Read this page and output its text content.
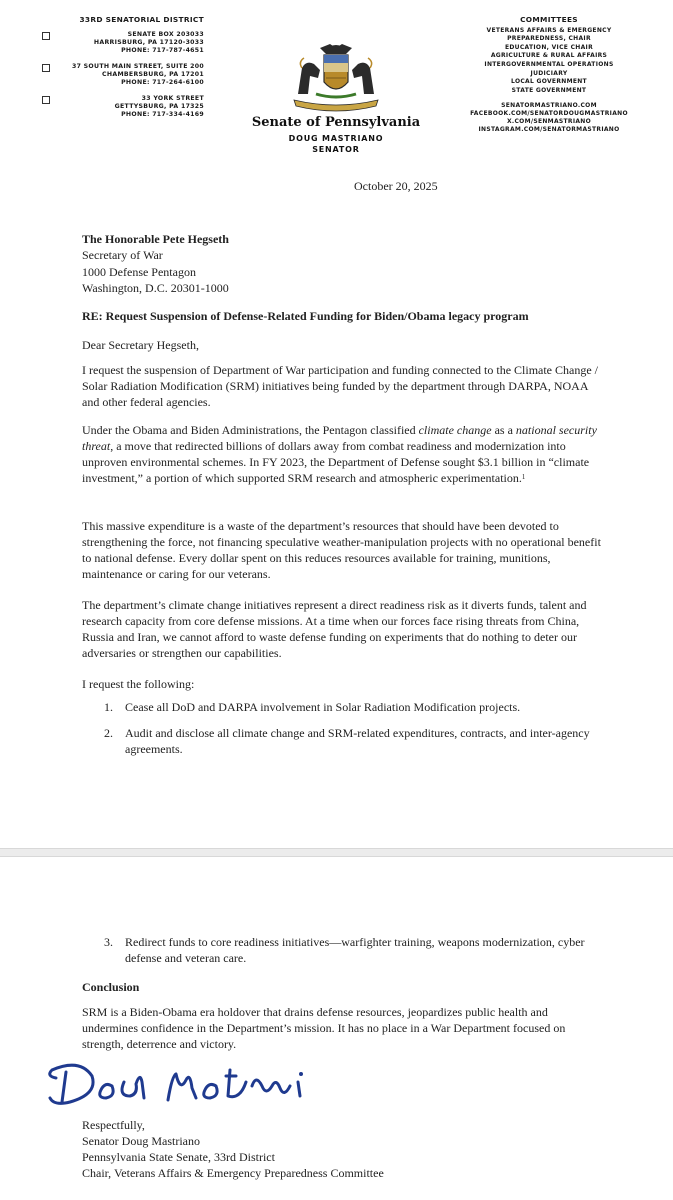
33RD SENATORIAL DISTRICT
SENATE BOX 203033
HARRISBURG, PA 17120-3033
PHONE: 717-787-4651
37 SOUTH MAIN STREET, SUITE 200
CHAMBERSBURG, PA 17201
PHONE: 717-264-6100
33 YORK STREET
GETTYSBURG, PA 17325
PHONE: 717-334-4169
Senate of Pennsylvania
DOUG MASTRIANO
SENATOR
COMMITTEES
VETERANS AFFAIRS & EMERGENCY
PREPAREDNESS, CHAIR
EDUCATION, VICE CHAIR
AGRICULTURE & RURAL AFFAIRS
INTERGOVERNMENTAL OPERATIONS
JUDICIARY
LOCAL GOVERNMENT
STATE GOVERNMENT
SENATORMASTRIANO.COM
FACEBOOK.COM/SENATORDOUGMASTRIANO
X.COM/SENMASTRIANO
INSTAGRAM.COM/SENATORMASTRIANO

October 20, 2025

The Honorable Pete Hegseth
Secretary of War
1000 Defense Pentagon
Washington, D.C. 20301-1000

RE: Request Suspension of Defense-Related Funding for Biden/Obama legacy program

Dear Secretary Hegseth,

I request the suspension of Department of War participation and funding connected to the Climate Change / Solar Radiation Modification (SRM) initiatives being funded by the department through DARPA, NOAA and other federal agencies.

Under the Obama and Biden Administrations, the Pentagon classified climate change as a national security threat, a move that redirected billions of dollars away from combat readiness and modernization into unproven environmental schemes. In FY 2023, the Department of Defense sought $3.1 billion in “climate investment,” a portion of which supported SRM research and atmospheric experimentation.$^1$

This massive expenditure is a waste of the department’s resources that should have been devoted to strengthening the force, not financing speculative weather-manipulation projects with no operational benefit to national defense. Every dollar spent on this reduces resources available for training, munitions, maintenance or caring for our veterans.

The department’s climate change initiatives represent a direct readiness risk as it diverts funds, talent and research capacity from core defense missions. At a time when our forces face rising threats from China, Russia and Iran, we cannot afford to waste defense funding on experiments that do nothing to deter our adversaries or strengthen our capabilities.

I request the following:

1.	Cease all DoD and DARPA involvement in Solar Radiation Modification projects.
2.	Audit and disclose all climate change and SRM-related expenditures, contracts, and inter-agency agreements.
3.	Redirect funds to core readiness initiatives—warfighter training, weapons modernization, cyber defense and veteran care.

Conclusion

SRM is a Biden-Obama era holdover that drains defense resources, jeopardizes public health and undermines confidence in the Department’s mission. It has no place in a War Department focused on strength, deterrence and victory.

Respectfully,
Senator Doug Mastriano
Pennsylvania State Senate, 33rd District
Chair, Veterans Affairs & Emergency Preparedness Committee
